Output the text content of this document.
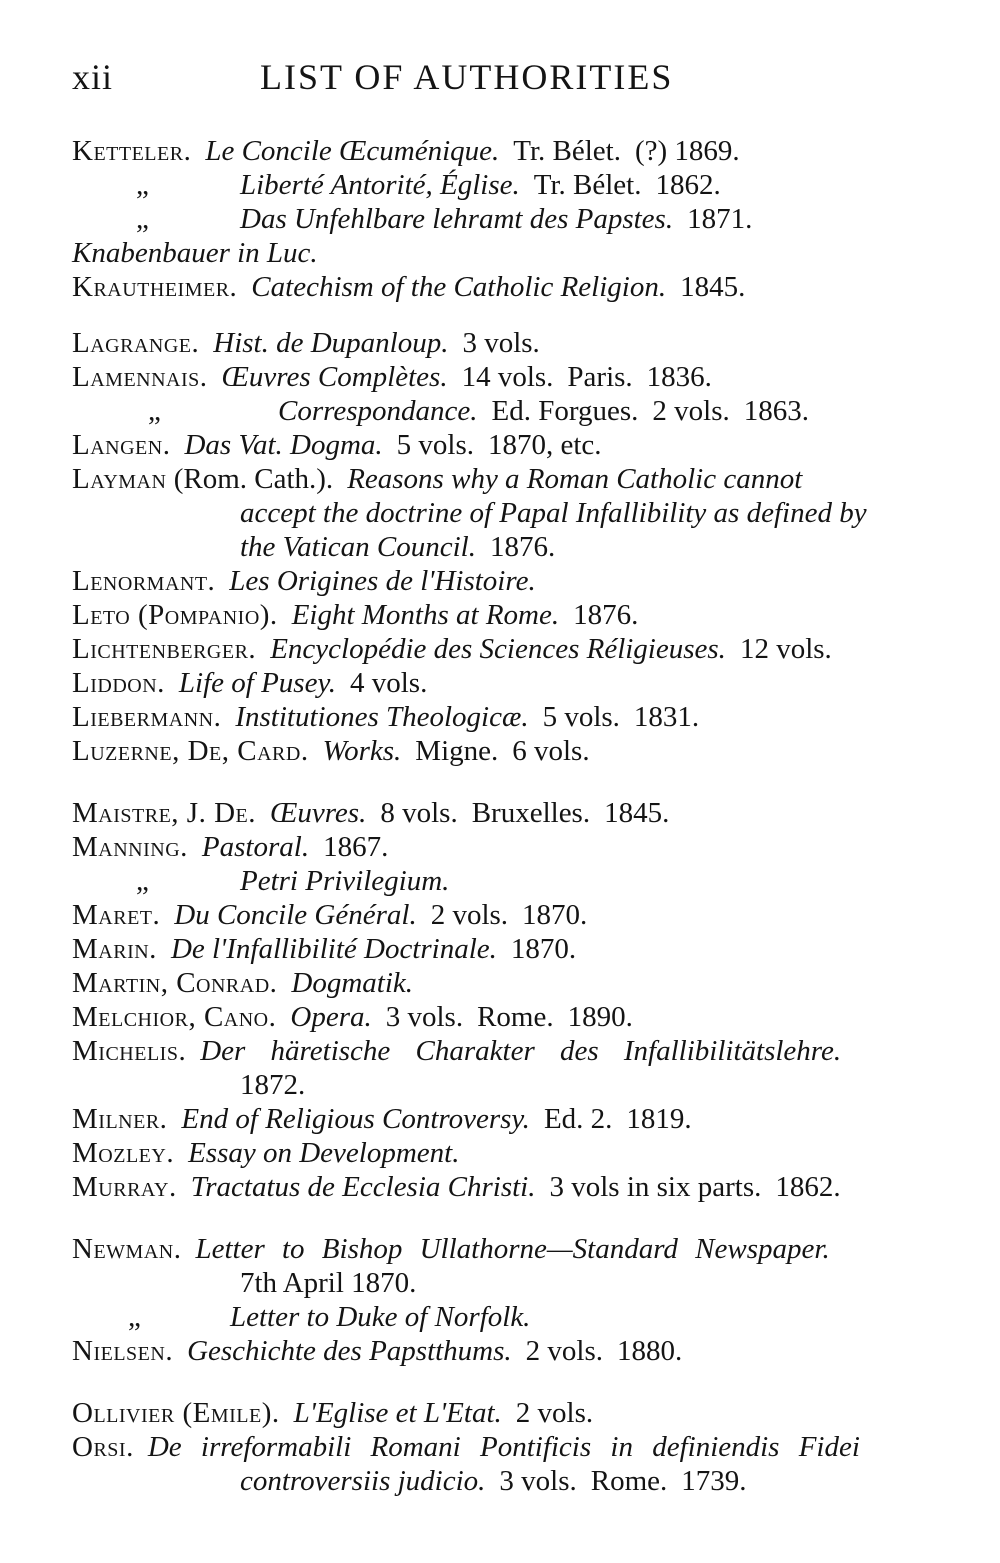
xii	LIST OF AUTHORITIES
Ketteler. Le Concile Œcuménique. Tr. Bélet. (?) 1869.
„	Liberté Antorité, Église. Tr. Bélet. 1862.
„	Das Unfehlbare lehramt des Papstes. 1871.
Knabenbauer in Luc.
Krautheimer. Catechism of the Catholic Religion. 1845.
Lagrange. Hist. de Dupanloup. 3 vols.
Lamennais. Œuvres Complètes. 14 vols. Paris. 1836.
„	Correspondance. Ed. Forgues. 2 vols. 1863.
Langen. Das Vat. Dogma. 5 vols. 1870, etc.
Layman (Rom. Cath.). Reasons why a Roman Catholic cannot
accept the doctrine of Papal Infallibility as defined by
the Vatican Council. 1876.
Lenormant. Les Origines de l'Histoire.
Leto (Pompanio). Eight Months at Rome. 1876.
Lichtenberger. Encyclopédie des Sciences Réligieuses. 12 vols.
Liddon. Life of Pusey. 4 vols.
Liebermann. Institutiones Theologicæ. 5 vols. 1831.
Luzerne, De, Card. Works. Migne. 6 vols.
Maistre, J. De. Œuvres. 8 vols. Bruxelles. 1845.
Manning. Pastoral. 1867.
„	Petri Privilegium.
Maret. Du Concile Général. 2 vols. 1870.
Marin. De l'Infallibilité Doctrinale. 1870.
Martin, Conrad. Dogmatik.
Melchior, Cano. Opera. 3 vols. Rome. 1890.
Michelis. Der häretische Charakter des Infallibilitätslehre.
1872.
Milner. End of Religious Controversy. Ed. 2. 1819.
Mozley. Essay on Development.
Murray. Tractatus de Ecclesia Christi. 3 vols in six parts. 1862.
Newman. Letter to Bishop Ullathorne—Standard Newspaper.
7th April 1870.
„	Letter to Duke of Norfolk.
Nielsen. Geschichte des Papstthums. 2 vols. 1880.
Ollivier (Emile). L'Eglise et L'Etat. 2 vols.
Orsi. De irreformabili Romani Pontificis in definiendis Fidei
controversiis judicio. 3 vols. Rome. 1739.
